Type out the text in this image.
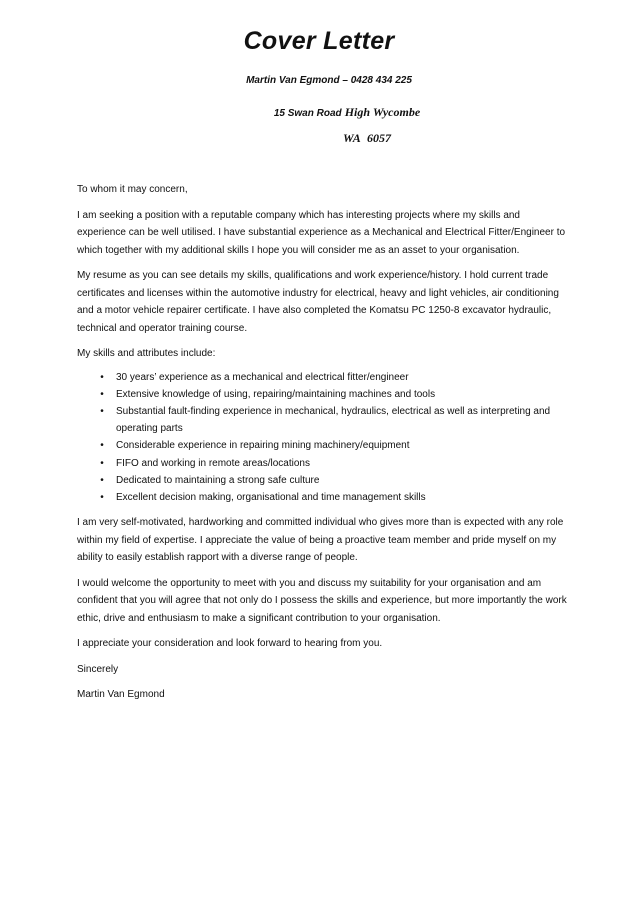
Cover Letter
Martin Van Egmond – 0428 434 225
15 Swan Road High Wycombe
WA 6057

To whom it may concern,

I am seeking a position with a reputable company which has interesting projects where my skills and experience can be well utilised. I have substantial experience as a Mechanical and Electrical Fitter/Engineer to which together with my additional skills I hope you will consider me as an asset to your organisation.

My resume as you can see details my skills, qualifications and work experience/history. I hold current trade certificates and licenses within the automotive industry for electrical, heavy and light vehicles, air conditioning and a motor vehicle repairer certificate. I have also completed the Komatsu PC 1250-8 excavator hydraulic, technical and operator training course.

My skills and attributes include:

•	30 years’ experience as a mechanical and electrical fitter/engineer
•	Extensive knowledge of using, repairing/maintaining machines and tools
•	Substantial fault-finding experience in mechanical, hydraulics, electrical as well as interpreting and operating parts
•	Considerable experience in repairing mining machinery/equipment
•	FIFO and working in remote areas/locations
•	Dedicated to maintaining a strong safe culture
•	Excellent decision making, organisational and time management skills

I am very self-motivated, hardworking and committed individual who gives more than is expected with any role within my field of expertise. I appreciate the value of being a proactive team member and pride myself on my ability to easily establish rapport with a diverse range of people.

I would welcome the opportunity to meet with you and discuss my suitability for your organisation and am confident that you will agree that not only do I possess the skills and experience, but more importantly the work ethic, drive and enthusiasm to make a significant contribution to your organisation.

I appreciate your consideration and look forward to hearing from you.

Sincerely

Martin Van Egmond
